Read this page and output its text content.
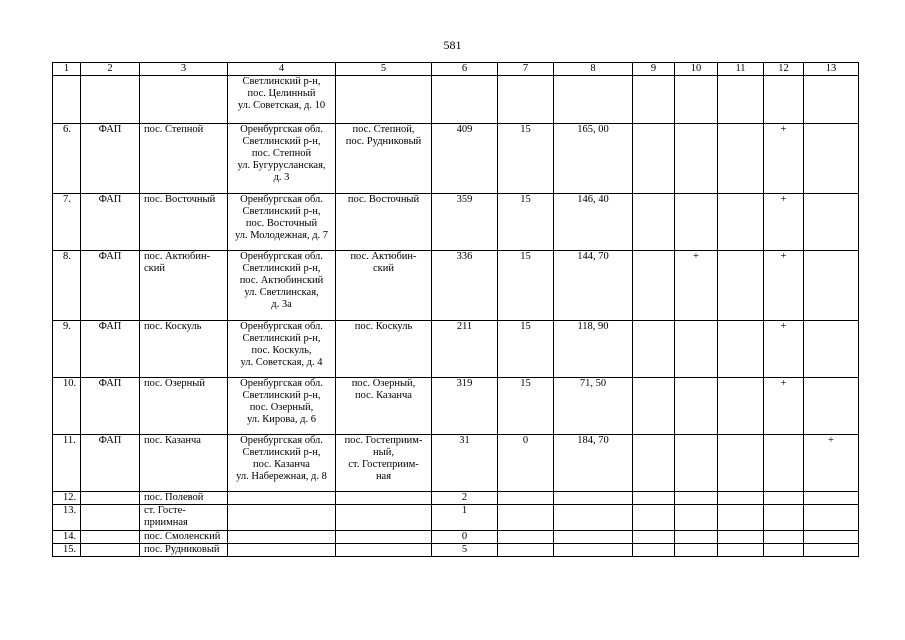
581
1	2	3	4	5	6	7	8	9	10	11	12	13
			Светлинский р-н,
пос. Целинный
ул. Советская, д. 10									
6.	ФАП	пос. Степной	Оренбургская обл.
Светлинский р-н,
пос. Степной
ул. Бугурусланская,
д. 3	пос. Степной,
пос. Рудниковый	409	15	165, 00				+	
7.	ФАП	пос. Восточный	Оренбургская обл.
Светлинский р-н,
пос. Восточный
ул. Молодежная, д. 7	пос. Восточный	359	15	146, 40				+	
8.	ФАП	пос. Актюбин-
ский	Оренбургская обл.
Светлинский р-н,
пос. Актюбинский
ул. Светлинская,
д. 3а	пос. Актюбин-
ский	336	15	144, 70		+		+	
9.	ФАП	пос. Коскуль	Оренбургская обл.
Светлинский р-н,
пос. Коскуль,
ул. Советская, д. 4	пос. Коскуль	211	15	118, 90				+	
10.	ФАП	пос. Озерный	Оренбургская обл.
Светлинский р-н,
пос. Озерный,
ул. Кирова, д. 6	пос. Озерный,
пос. Казанча	319	15	71, 50				+	
11.	ФАП	пос. Казанча	Оренбургская обл.
Светлинский р-н,
пос. Казанча
ул. Набережная, д. 8	пос. Гостеприим-
ный,
ст. Гостеприим-
ная	31	0	184, 70					+
12.		пос. Полевой			2							
13.		ст. Госте-
приимная			1							
14.		пос. Смоленский			0							
15.		пос. Рудниковый			5							
